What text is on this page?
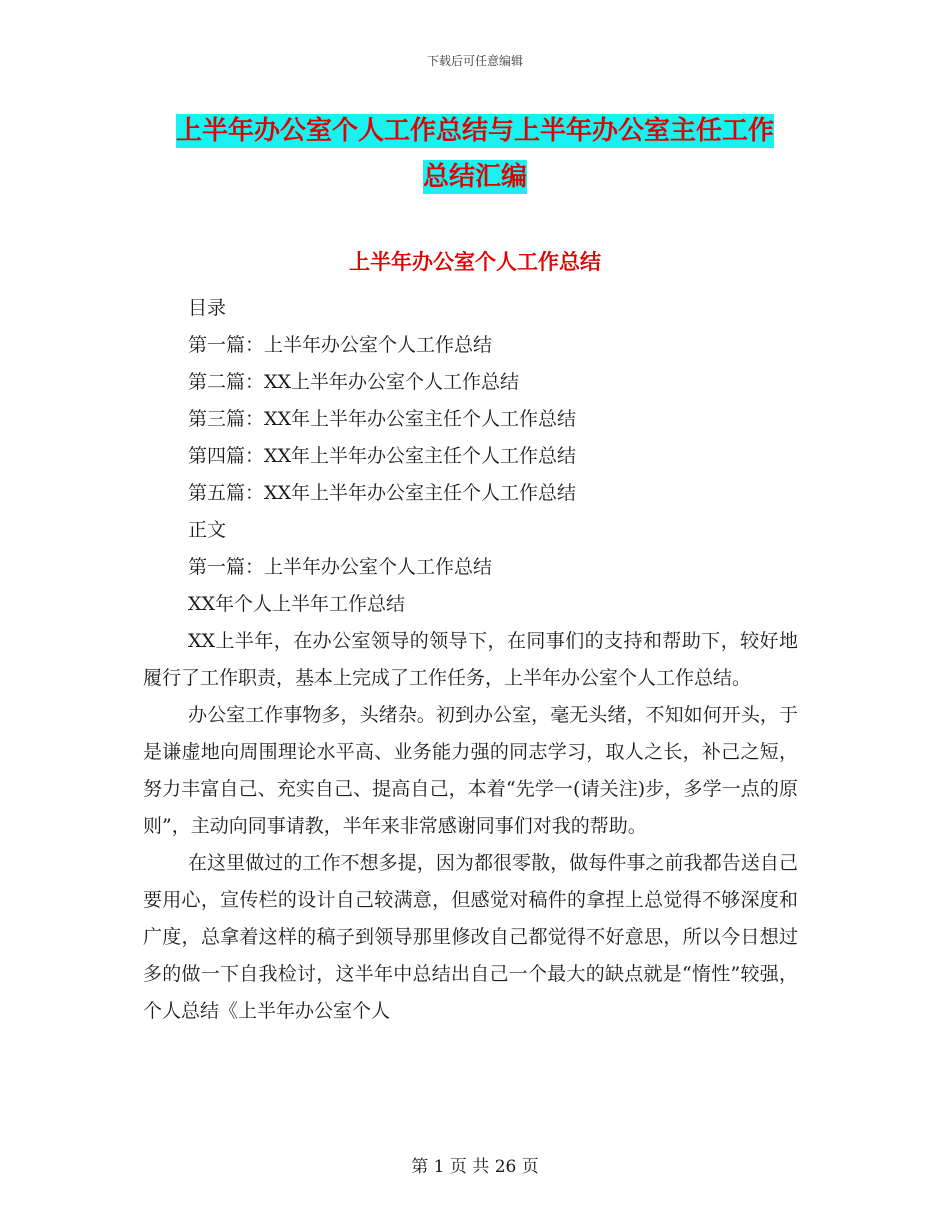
下载后可任意编辑
上半年办公室个人工作总结与上半年办公室主任工作
总结汇编
上半年办公室个人工作总结
目录
第一篇：上半年办公室个人工作总结
第二篇：XX上半年办公室个人工作总结
第三篇：XX年上半年办公室主任个人工作总结
第四篇：XX年上半年办公室主任个人工作总结
第五篇：XX年上半年办公室主任个人工作总结
正文
第一篇：上半年办公室个人工作总结
XX年个人上半年工作总结
XX上半年，在办公室领导的领导下，在同事们的支持和帮助下，较好地履行了工作职责，基本上完成了工作任务，上半年办公室个人工作总结。
办公室工作事物多，头绪杂。初到办公室，毫无头绪，不知如何开头，于是谦虚地向周围理论水平高、业务能力强的同志学习，取人之长，补己之短，努力丰富自己、充实自己、提高自己，本着“先学一(请关注)步，多学一点的原则”，主动向同事请教，半年来非常感谢同事们对我的帮助。
在这里做过的工作不想多提，因为都很零散，做每件事之前我都告送自己要用心，宣传栏的设计自己较满意，但感觉对稿件的拿捏上总觉得不够深度和广度，总拿着这样的稿子到领导那里修改自己都觉得不好意思，所以今日想过多的做一下自我检讨，这半年中总结出自己一个最大的缺点就是“惰性”较强，个人总结《上半年办公室个人
第 1 页 共 26 页
